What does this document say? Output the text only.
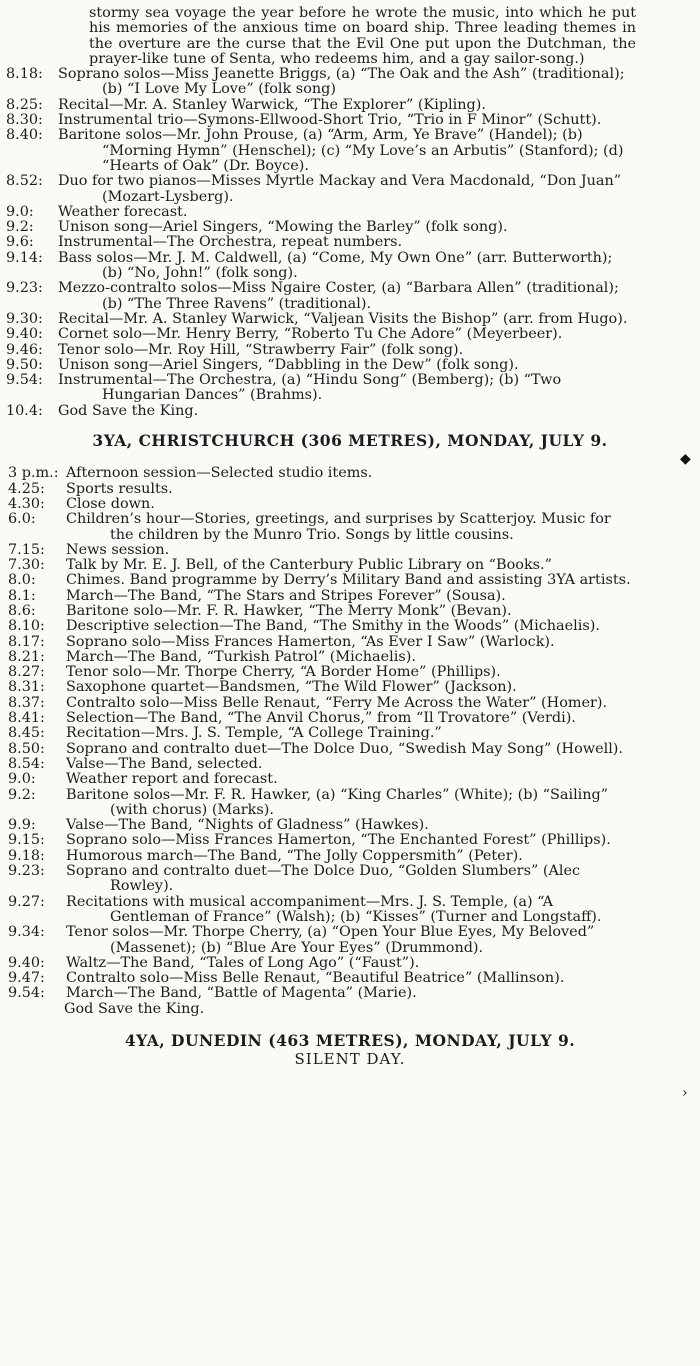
stormy sea voyage the year before he wrote the music, into which he put his memories of the anxious time on board ship. Three leading themes in the overture are the curse that the Evil One put upon the Dutchman, the prayer-like tune of Senta, who redeems him, and a gay sailor-song.)
8.18:	Soprano solos—Miss Jeanette Briggs, (a) “The Oak and the Ash” (traditional); (b) “I Love My Love” (folk song)
8.25:	Recital—Mr. A. Stanley Warwick, “The Explorer” (Kipling).
8.30:	Instrumental trio—Symons-Ellwood-Short Trio, “Trio in F Minor” (Schutt).
8.40:	Baritone solos—Mr. John Prouse, (a) “Arm, Arm, Ye Brave” (Handel); (b) “Morning Hymn” (Henschel); (c) “My Love’s an Arbutis” (Stanford); (d) “Hearts of Oak” (Dr. Boyce).
8.52:	Duo for two pianos—Misses Myrtle Mackay and Vera Macdonald, “Don Juan” (Mozart-Lysberg).
9.0:	Weather forecast.
9.2:	Unison song—Ariel Singers, “Mowing the Barley” (folk song).
9.6:	Instrumental—The Orchestra, repeat numbers.
9.14:	Bass solos—Mr. J. M. Caldwell, (a) “Come, My Own One” (arr. Butterworth); (b) “No, John!” (folk song).
9.23:	Mezzo-contralto solos—Miss Ngaire Coster, (a) “Barbara Allen” (traditional); (b) “The Three Ravens” (traditional).
9.30:	Recital—Mr. A. Stanley Warwick, “Valjean Visits the Bishop” (arr. from Hugo).
9.40:	Cornet solo—Mr. Henry Berry, “Roberto Tu Che Adore” (Meyerbeer).
9.46:	Tenor solo—Mr. Roy Hill, “Strawberry Fair” (folk song).
9.50:	Unison song—Ariel Singers, “Dabbling in the Dew” (folk song).
9.54:	Instrumental—The Orchestra, (a) “Hindu Song” (Bemberg); (b) “Two Hungarian Dances” (Brahms).
10.4:	God Save the King.
3YA, CHRISTCHURCH (306 METRES), MONDAY, JULY 9.
3 p.m.: Afternoon session—Selected studio items.
4.25:	Sports results.
4.30:	Close down.
6.0:	Children’s hour—Stories, greetings, and surprises by Scatterjoy. Music for the children by the Munro Trio. Songs by little cousins.
7.15:	News session.
7.30:	Talk by Mr. E. J. Bell, of the Canterbury Public Library on “Books.”
8.0:	Chimes. Band programme by Derry’s Military Band and assisting 3YA artists.
8.1:	March—The Band, “The Stars and Stripes Forever” (Sousa).
8.6:	Baritone solo—Mr. F. R. Hawker, “The Merry Monk” (Bevan).
8.10:	Descriptive selection—The Band, “The Smithy in the Woods” (Michaelis).
8.17:	Soprano solo—Miss Frances Hamerton, “As Ever I Saw” (Warlock).
8.21:	March—The Band, “Turkish Patrol” (Michaelis).
8.27:	Tenor solo—Mr. Thorpe Cherry, “A Border Home” (Phillips).
8.31:	Saxophone quartet—Bandsmen, “The Wild Flower” (Jackson).
8.37:	Contralto solo—Miss Belle Renaut, “Ferry Me Across the Water” (Homer).
8.41:	Selection—The Band, “The Anvil Chorus,” from “Il Trovatore” (Verdi).
8.45:	Recitation—Mrs. J. S. Temple, “A College Training.”
8.50:	Soprano and contralto duet—The Dolce Duo, “Swedish May Song” (Howell).
8.54:	Valse—The Band, selected.
9.0:	Weather report and forecast.
9.2:	Baritone solos—Mr. F. R. Hawker, (a) “King Charles” (White); (b) “Sailing” (with chorus) (Marks).
9.9:	Valse—The Band, “Nights of Gladness” (Hawkes).
9.15:	Soprano solo—Miss Frances Hamerton, “The Enchanted Forest” (Phillips).
9.18:	Humorous march—The Band, “The Jolly Coppersmith” (Peter).
9.23:	Soprano and contralto duet—The Dolce Duo, “Golden Slumbers” (Alec Rowley).
9.27:	Recitations with musical accompaniment—Mrs. J. S. Temple, (a) “A Gentleman of France” (Walsh); (b) “Kisses” (Turner and Longstaff).
9.34:	Tenor solos—Mr. Thorpe Cherry, (a) “Open Your Blue Eyes, My Beloved” (Massenet); (b) “Blue Are Your Eyes” (Drummond).
9.40:	Waltz—The Band, “Tales of Long Ago” (“Faust”).
9.47:	Contralto solo—Miss Belle Renaut, “Beautiful Beatrice” (Mallinson).
9.54:	March—The Band, “Battle of Magenta” (Marie).
God Save the King.
4YA, DUNEDIN (463 METRES), MONDAY, JULY 9.
SILENT DAY.
◆
›
